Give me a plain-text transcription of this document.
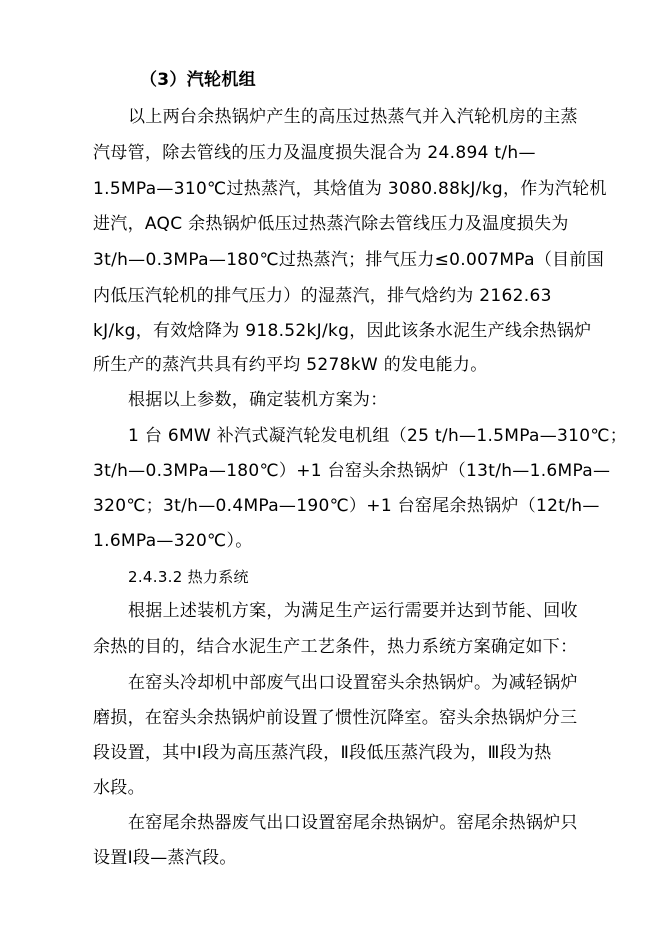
（3）汽轮机组
以上两台余热锅炉产生的高压过热蒸气并入汽轮机房的主蒸
汽母管，除去管线的压力及温度损失混合为 24.894 t/h—
1.5MPa—310℃过热蒸汽，其焓值为 3080.88kJ/kg，作为汽轮机
进汽，AQC 余热锅炉低压过热蒸汽除去管线压力及温度损失为
3t/h—0.3MPa—180℃过热蒸汽；排气压力≤0.007MPa（目前国
内低压汽轮机的排气压力）的湿蒸汽，排气焓约为 2162.63
kJ/kg，有效焓降为 918.52kJ/kg，因此该条水泥生产线余热锅炉
所生产的蒸汽共具有约平均 5278kW 的发电能力。
根据以上参数，确定装机方案为：
1 台 6MW 补汽式凝汽轮发电机组（25 t/h—1.5MPa—310℃；
3t/h—0.3MPa—180℃）+1 台窑头余热锅炉（13t/h—1.6MPa—
320℃；3t/h—0.4MPa—190℃）+1 台窑尾余热锅炉（12t/h—
1.6MPa—320℃）。
2.4.3.2 热力系统
根据上述装机方案，为满足生产运行需要并达到节能、回收
余热的目的，结合水泥生产工艺条件，热力系统方案确定如下：
在窑头冷却机中部废气出口设置窑头余热锅炉。为减轻锅炉
磨损，在窑头余热锅炉前设置了惯性沉降室。窑头余热锅炉分三
段设置，其中Ⅰ段为高压蒸汽段，Ⅱ段低压蒸汽段为，Ⅲ段为热
水段。
在窑尾余热器废气出口设置窑尾余热锅炉。窑尾余热锅炉只
设置Ⅰ段—蒸汽段。
